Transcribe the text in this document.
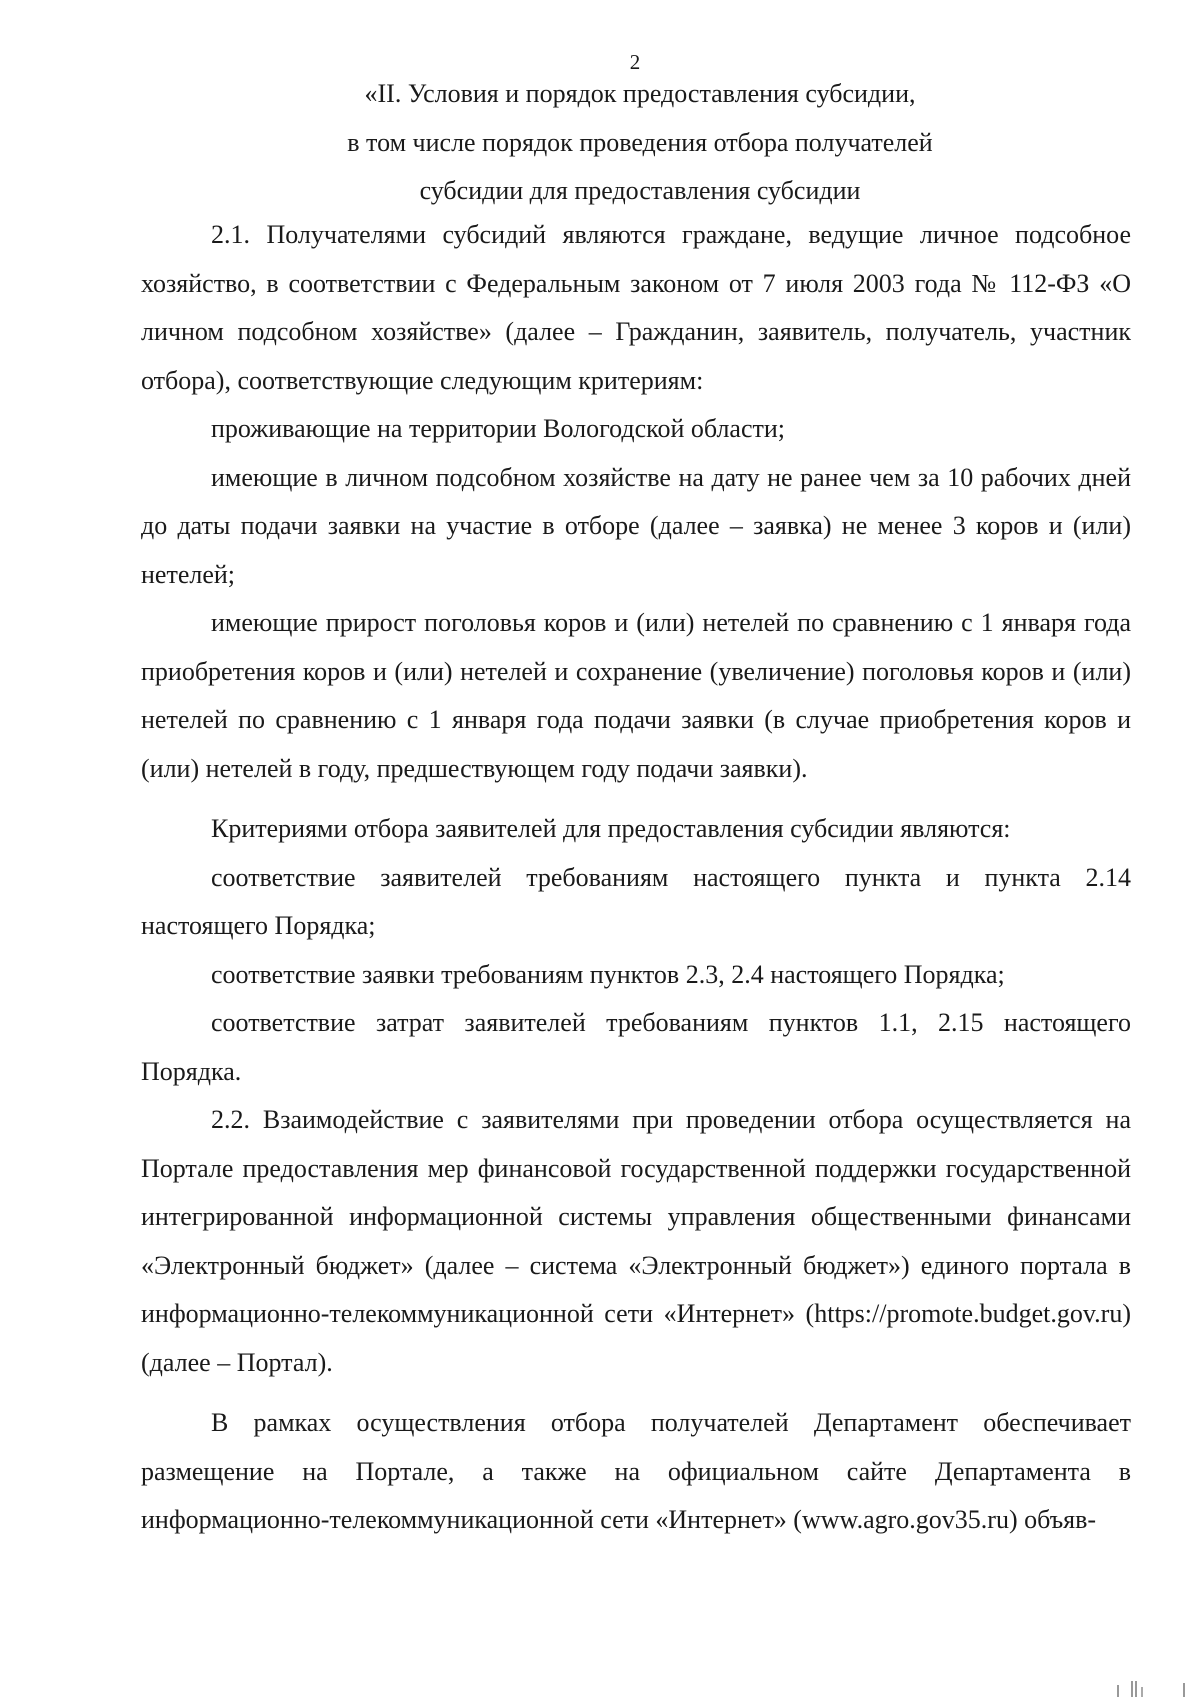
2
«II. Условия и порядок предоставления субсидии,
в том числе порядок проведения отбора получателей
субсидии для предоставления субсидии

2.1. Получателями субсидий являются граждане, ведущие личное подсобное хозяйство, в соответствии с Федеральным законом от 7 июля 2003 года № 112-ФЗ «О личном подсобном хозяйстве» (далее – Гражданин, заявитель, получатель, участник отбора), соответствующие следующим критериям:

проживающие на территории Вологодской области;

имеющие в личном подсобном хозяйстве на дату не ранее чем за 10 рабочих дней до даты подачи заявки на участие в отборе (далее – заявка) не менее 3 коров и (или) нетелей;

имеющие прирост поголовья коров и (или) нетелей по сравнению с 1 января года приобретения коров и (или) нетелей и сохранение (увеличение) поголовья коров и (или) нетелей по сравнению с 1 января года подачи заявки (в случае приобретения коров и (или) нетелей в году, предшествующем году подачи заявки).

Критериями отбора заявителей для предоставления субсидии являются:

соответствие заявителей требованиям настоящего пункта и пункта 2.14 настоящего Порядка;

соответствие заявки требованиям пунктов 2.3, 2.4 настоящего Порядка;

соответствие затрат заявителей требованиям пунктов 1.1, 2.15 настоящего Порядка.

2.2. Взаимодействие с заявителями при проведении отбора осуществляется на Портале предоставления мер финансовой государственной поддержки государственной интегрированной информационной системы управления общественными финансами «Электронный бюджет» (далее – система «Электронный бюджет») единого портала в информационно-телекоммуникационной сети «Интернет» (https://promote.budget.gov.ru) (далее – Портал).

В рамках осуществления отбора получателей Департамент обеспечивает размещение на Портале, а также на официальном сайте Департамента в информационно-телекоммуникационной сети «Интернет» (www.agro.gov35.ru) объяв-
